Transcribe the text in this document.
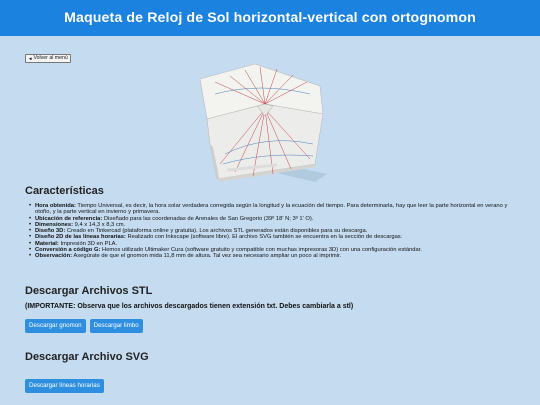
Maqueta de Reloj de Sol horizontal-vertical con ortognomon
◄ Volver al menú
Características
• Hora obtenida: Tiempo Universal, es decir, la hora solar verdadera corregida según la longitud y la ecuación del tiempo. Para determinarla, hay que leer la parte horizontal en verano y otoño, y la parte vertical en invierno y primavera.
• Ubicación de referencia: Diseñado para las coordenadas de Arenales de San Gregorio (39º 18' N; 3º 1' O).
• Dimensiones: 9,4 x 14,3 x 8,3 cm.
• Diseño 3D: Creado en Tinkercad (plataforma online y gratuita). Los archivos STL generados están disponibles para su descarga.
• Diseño 2D de las líneas horarias: Realizado con Inkscape (software libre). El archivo SVG también se encuentra en la sección de descargas.
• Material: Impresión 3D en PLA.
• Conversión a código G: Hemos utilizado Ultimaker Cura (software gratuito y compatible con muchas impresoras 3D) con una configuración estándar.
• Observación: Asegúrate de que el gnomon mida 11,8 mm de altura. Tal vez sea necesario ampliar un poco al imprimir.
Descargar Archivos STL
(IMPORTANTE: Observa que los archivos descargados tienen extensión txt. Debes cambiarla a stl)
Descargar gnomon	Descargar limbo
Descargar Archivo SVG
Descargar líneas horarias
